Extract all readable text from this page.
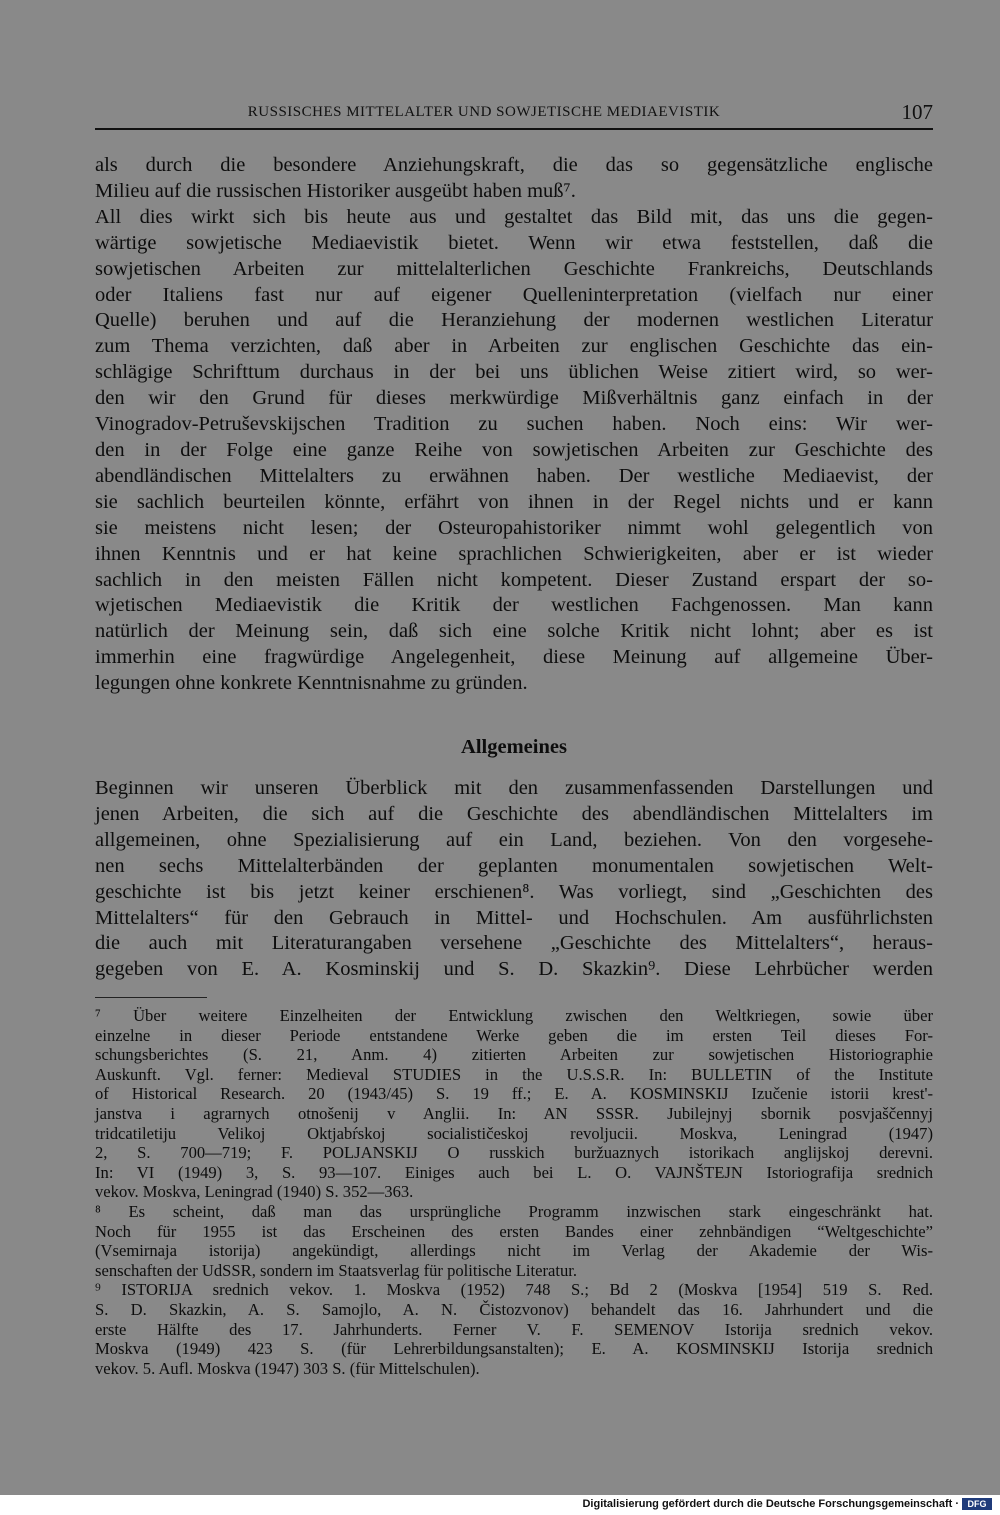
RUSSISCHES MITTELALTER UND SOWJETISCHE MEDIAEVISTIK	107

als durch die besondere Anziehungskraft, die das so gegensätzliche englische

Milieu auf die russischen Historiker ausgeübt haben muß⁷.

All dies wirkt sich bis heute aus und gestaltet das Bild mit, das uns die gegen-

wärtige sowjetische Mediaevistik bietet. Wenn wir etwa feststellen, daß die

sowjetischen Arbeiten zur mittelalterlichen Geschichte Frankreichs, Deutschlands

oder Italiens fast nur auf eigener Quelleninterpretation (vielfach nur einer

Quelle) beruhen und auf die Heranziehung der modernen westlichen Literatur

zum Thema verzichten, daß aber in Arbeiten zur englischen Geschichte das ein-

schlägige Schrifttum durchaus in der bei uns üblichen Weise zitiert wird, so wer-

den wir den Grund für dieses merkwürdige Mißverhältnis ganz einfach in der

Vinogradov-Petruševskijschen Tradition zu suchen haben. Noch eins: Wir wer-

den in der Folge eine ganze Reihe von sowjetischen Arbeiten zur Geschichte des

abendländischen Mittelalters zu erwähnen haben. Der westliche Mediaevist, der

sie sachlich beurteilen könnte, erfährt von ihnen in der Regel nichts und er kann

sie meistens nicht lesen; der Osteuropahistoriker nimmt wohl gelegentlich von

ihnen Kenntnis und er hat keine sprachlichen Schwierigkeiten, aber er ist wieder

sachlich in den meisten Fällen nicht kompetent. Dieser Zustand erspart der so-

wjetischen Mediaevistik die Kritik der westlichen Fachgenossen. Man kann

natürlich der Meinung sein, daß sich eine solche Kritik nicht lohnt; aber es ist

immerhin eine fragwürdige Angelegenheit, diese Meinung auf allgemeine Über-

legungen ohne konkrete Kenntnisnahme zu gründen.

Allgemeines

Beginnen wir unseren Überblick mit den zusammenfassenden Darstellungen und

jenen Arbeiten, die sich auf die Geschichte des abendländischen Mittelalters im

allgemeinen, ohne Spezialisierung auf ein Land, beziehen. Von den vorgesehe-

nen sechs Mittelalterbänden der geplanten monumentalen sowjetischen Welt-

geschichte ist bis jetzt keiner erschienen⁸. Was vorliegt, sind „Geschichten des

Mittelalters“ für den Gebrauch in Mittel- und Hochschulen. Am ausführlichsten

die auch mit Literaturangaben versehene „Geschichte des Mittelalters“, heraus-

gegeben von E. A. Kosminskij und S. D. Skazkin⁹. Diese Lehrbücher werden

⁷ Über weitere Einzelheiten der Entwicklung zwischen den Weltkriegen, sowie über

einzelne in dieser Periode entstandene Werke geben die im ersten Teil dieses For-

schungsberichtes (S. 21, Anm. 4) zitierten Arbeiten zur sowjetischen Historiographie

Auskunft. Vgl. ferner: Medieval STUDIES in the U.S.S.R. In: BULLETIN of the Institute

of Historical Research. 20 (1943/45) S. 19 ff.; E. A. KOSMINSKIJ Izučenie istorii krest'-

janstva i agrarnych otnošenij v Anglii. In: AN SSSR. Jubilejnyj sbornik posvjaščennyj

tridcatiletiju Velikoj Oktjabŕskoj socialističeskoj revoljucii. Moskva, Leningrad (1947)

2, S. 700—719; F. POLJANSKIJ O russkich buržuaznych istorikach anglijskoj derevni.

In: VI (1949) 3, S. 93—107. Einiges auch bei L. O. VAJNŠTEJN Istoriografija srednich

vekov. Moskva, Leningrad (1940) S. 352—363.

⁸ Es scheint, daß man das ursprüngliche Programm inzwischen stark eingeschränkt hat.

Noch für 1955 ist das Erscheinen des ersten Bandes einer zehnbändigen “Weltgeschichte”

(Vsemirnaja istorija) angekündigt, allerdings nicht im Verlag der Akademie der Wis-

senschaften der UdSSR, sondern im Staatsverlag für politische Literatur.

⁹ ISTORIJA srednich vekov. 1. Moskva (1952) 748 S.; Bd 2 (Moskva [1954] 519 S. Red.

S. D. Skazkin, A. S. Samojlo, A. N. Čistozvonov) behandelt das 16. Jahrhundert und die

erste Hälfte des 17. Jahrhunderts. Ferner V. F. SEMENOV Istorija srednich vekov.

Moskva (1949) 423 S. (für Lehrerbildungsanstalten); E. A. KOSMINSKIJ Istorija srednich

vekov. 5. Aufl. Moskva (1947) 303 S. (für Mittelschulen).

Digitalisierung gefördert durch die Deutsche Forschungsgemeinschaft · DFG
